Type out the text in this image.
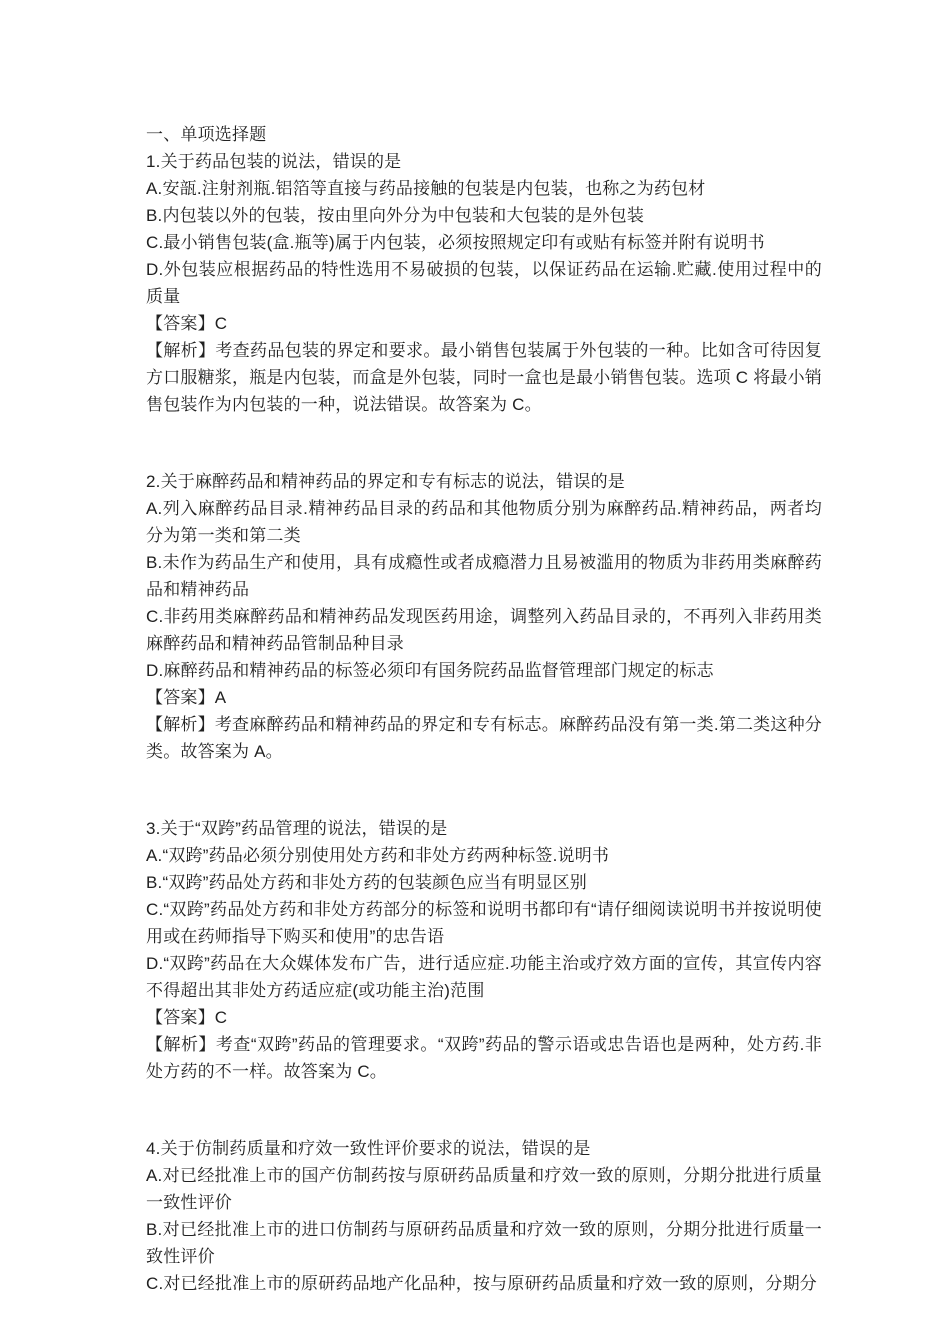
一、单项选择题

1.关于药品包装的说法，错误的是

A.安瓿.注射剂瓶.铝箔等直接与药品接触的包装是内包装，也称之为药包材

B.内包装以外的包装，按由里向外分为中包装和大包装的是外包装

C.最小销售包装(盒.瓶等)属于内包装，必须按照规定印有或贴有标签并附有说明书

D.外包装应根据药品的特性选用不易破损的包装，以保证药品在运输.贮藏.使用过程中的质量

【答案】C

【解析】考查药品包装的界定和要求。最小销售包装属于外包装的一种。比如含可待因复方口服糖浆，瓶是内包装，而盒是外包装，同时一盒也是最小销售包装。选项 C 将最小销售包装作为内包装的一种，说法错误。故答案为 C。

2.关于麻醉药品和精神药品的界定和专有标志的说法，错误的是

A.列入麻醉药品目录.精神药品目录的药品和其他物质分别为麻醉药品.精神药品，两者均分为第一类和第二类

B.未作为药品生产和使用，具有成瘾性或者成瘾潜力且易被滥用的物质为非药用类麻醉药品和精神药品

C.非药用类麻醉药品和精神药品发现医药用途，调整列入药品目录的，不再列入非药用类麻醉药品和精神药品管制品种目录

D.麻醉药品和精神药品的标签必须印有国务院药品监督管理部门规定的标志

【答案】A

【解析】考查麻醉药品和精神药品的界定和专有标志。麻醉药品没有第一类.第二类这种分类。故答案为 A。

3.关于“双跨”药品管理的说法，错误的是

A.“双跨”药品必须分别使用处方药和非处方药两种标签.说明书

B.“双跨”药品处方药和非处方药的包装颜色应当有明显区别

C.“双跨”药品处方药和非处方药部分的标签和说明书都印有“请仔细阅读说明书并按说明使用或在药师指导下购买和使用”的忠告语

D.“双跨”药品在大众媒体发布广告，进行适应症.功能主治或疗效方面的宣传，其宣传内容不得超出其非处方药适应症(或功能主治)范围

【答案】C

【解析】考查“双跨”药品的管理要求。“双跨”药品的警示语或忠告语也是两种，处方药.非处方药的不一样。故答案为 C。

4.关于仿制药质量和疗效一致性评价要求的说法，错误的是

A.对已经批准上市的国产仿制药按与原研药品质量和疗效一致的原则，分期分批进行质量一致性评价

B.对已经批准上市的进口仿制药与原研药品质量和疗效一致的原则，分期分批进行质量一致性评价

C.对已经批准上市的原研药品地产化品种，按与原研药品质量和疗效一致的原则，分期分
